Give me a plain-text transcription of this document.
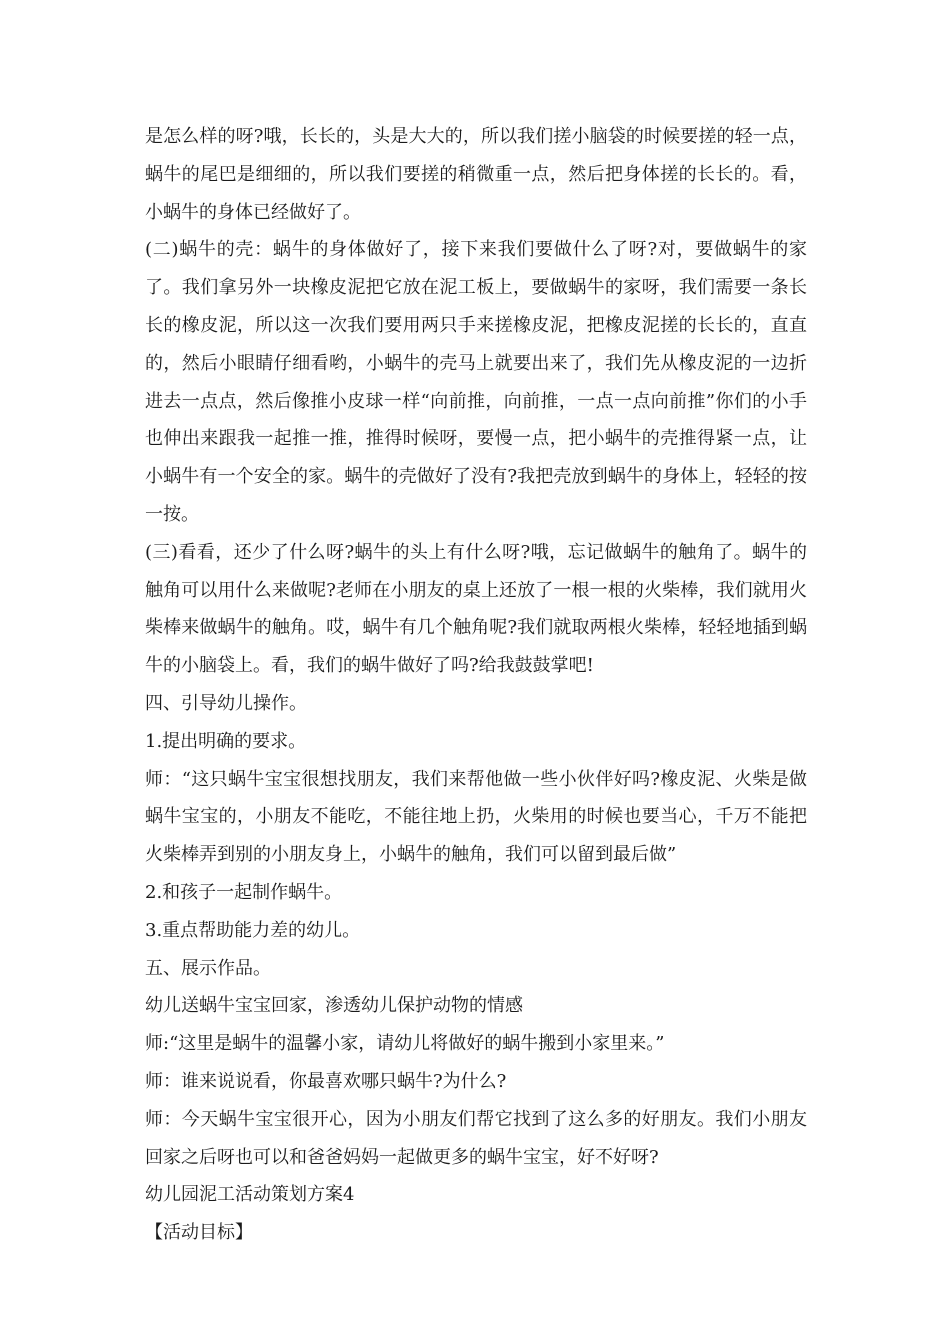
是怎么样的呀?哦，长长的，头是大大的，所以我们搓小脑袋的时候要搓的轻一点，蜗牛的尾巴是细细的，所以我们要搓的稍微重一点，然后把身体搓的长长的。看，小蜗牛的身体已经做好了。

(二)蜗牛的壳：蜗牛的身体做好了，接下来我们要做什么了呀?对，要做蜗牛的家了。我们拿另外一块橡皮泥把它放在泥工板上，要做蜗牛的家呀，我们需要一条长长的橡皮泥，所以这一次我们要用两只手来搓橡皮泥，把橡皮泥搓的长长的，直直的，然后小眼睛仔细看哟，小蜗牛的壳马上就要出来了，我们先从橡皮泥的一边折进去一点点，然后像推小皮球一样“向前推，向前推，一点一点向前推”你们的小手也伸出来跟我一起推一推，推得时候呀，要慢一点，把小蜗牛的壳推得紧一点，让小蜗牛有一个安全的家。蜗牛的壳做好了没有?我把壳放到蜗牛的身体上，轻轻的按一按。

(三)看看，还少了什么呀?蜗牛的头上有什么呀?哦，忘记做蜗牛的触角了。蜗牛的触角可以用什么来做呢?老师在小朋友的桌上还放了一根一根的火柴棒，我们就用火柴棒来做蜗牛的触角。哎，蜗牛有几个触角呢?我们就取两根火柴棒，轻轻地插到蜗牛的小脑袋上。看，我们的蜗牛做好了吗?给我鼓鼓掌吧!

四、引导幼儿操作。

1.提出明确的要求。

师：“这只蜗牛宝宝很想找朋友，我们来帮他做一些小伙伴好吗?橡皮泥、火柴是做蜗牛宝宝的，小朋友不能吃，不能往地上扔，火柴用的时候也要当心，千万不能把火柴棒弄到别的小朋友身上，小蜗牛的触角，我们可以留到最后做”

2.和孩子一起制作蜗牛。

3.重点帮助能力差的幼儿。

五、展示作品。

幼儿送蜗牛宝宝回家，渗透幼儿保护动物的情感

师:“这里是蜗牛的温馨小家，请幼儿将做好的蜗牛搬到小家里来。”

师：谁来说说看，你最喜欢哪只蜗牛?为什么?

师：今天蜗牛宝宝很开心，因为小朋友们帮它找到了这么多的好朋友。我们小朋友回家之后呀也可以和爸爸妈妈一起做更多的蜗牛宝宝，好不好呀?

幼儿园泥工活动策划方案4

【活动目标】
